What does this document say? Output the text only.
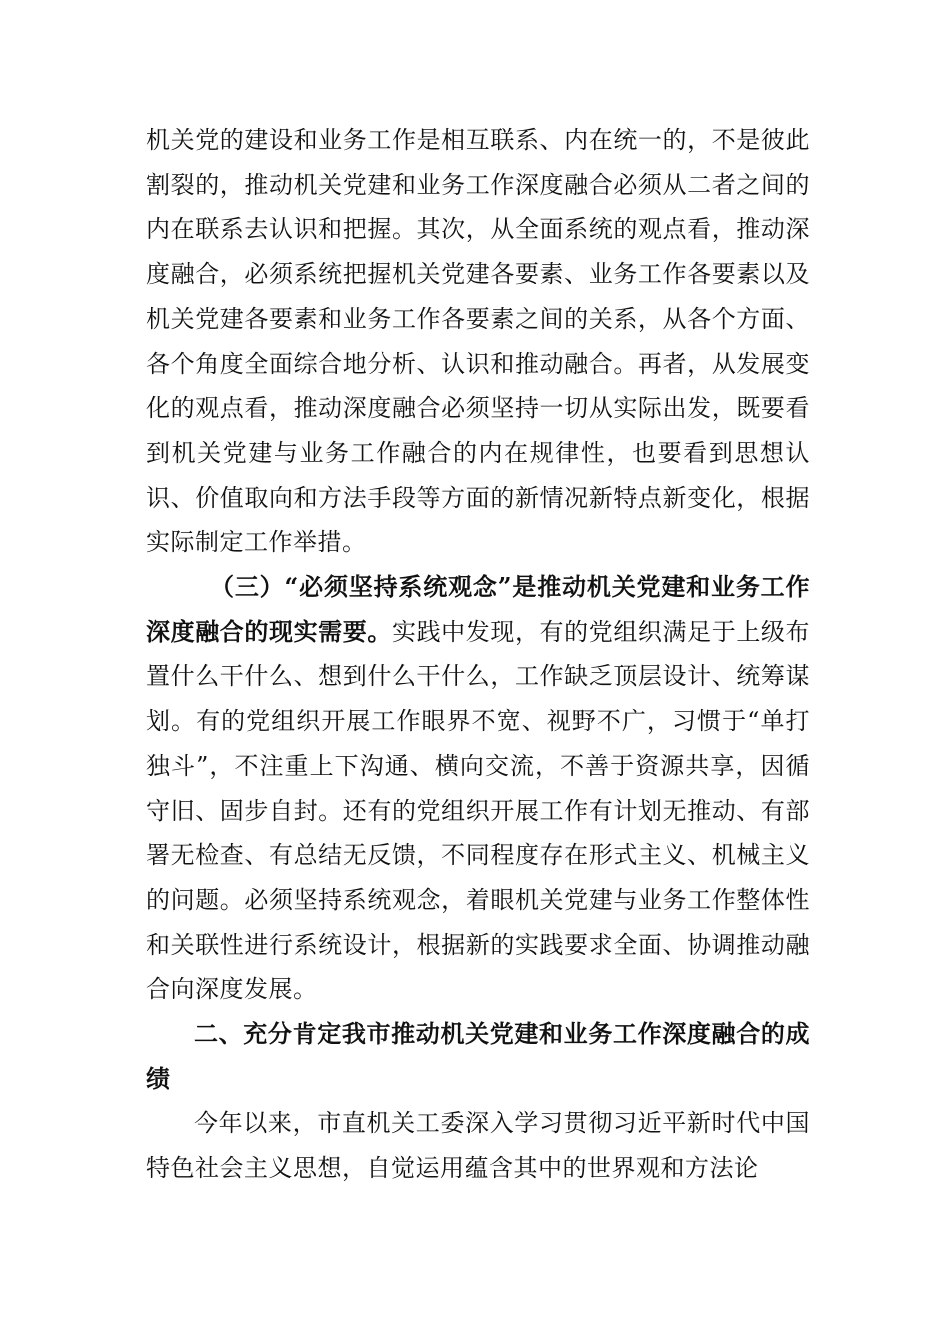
机关党的建设和业务工作是相互联系、内在统一的，不是彼此割裂的，推动机关党建和业务工作深度融合必须从二者之间的内在联系去认识和把握。其次，从全面系统的观点看，推动深度融合，必须系统把握机关党建各要素、业务工作各要素以及机关党建各要素和业务工作各要素之间的关系，从各个方面、各个角度全面综合地分析、认识和推动融合。再者，从发展变化的观点看，推动深度融合必须坚持一切从实际出发，既要看到机关党建与业务工作融合的内在规律性，也要看到思想认识、价值取向和方法手段等方面的新情况新特点新变化，根据实际制定工作举措。

（三）“必须坚持系统观念”是推动机关党建和业务工作深度融合的现实需要。实践中发现，有的党组织满足于上级布置什么干什么、想到什么干什么，工作缺乏顶层设计、统筹谋划。有的党组织开展工作眼界不宽、视野不广，习惯于“单打独斗”，不注重上下沟通、横向交流，不善于资源共享，因循守旧、固步自封。还有的党组织开展工作有计划无推动、有部署无检查、有总结无反馈，不同程度存在形式主义、机械主义的问题。必须坚持系统观念，着眼机关党建与业务工作整体性和关联性进行系统设计，根据新的实践要求全面、协调推动融合向深度发展。

二、充分肯定我市推动机关党建和业务工作深度融合的成绩

今年以来，市直机关工委深入学习贯彻习近平新时代中国特色社会主义思想，自觉运用蕴含其中的世界观和方法论
